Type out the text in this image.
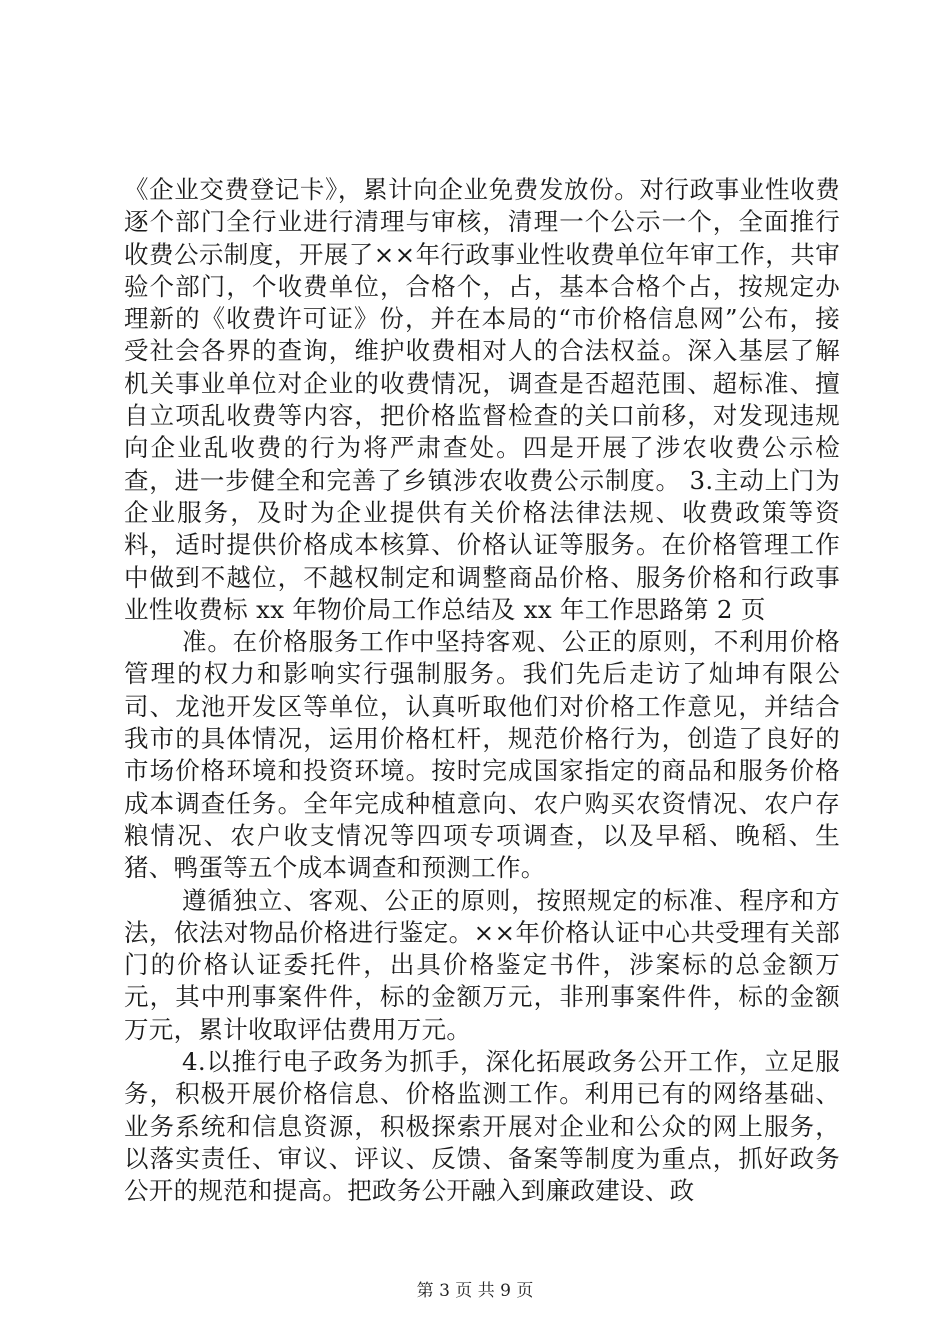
《企业交费登记卡》，累计向企业免费发放份。对行政事业性收费逐个部门全行业进行清理与审核，清理一个公示一个，全面推行收费公示制度，开展了××年行政事业性收费单位年审工作，共审验个部门，个收费单位，合格个，占，基本合格个占，按规定办理新的《收费许可证》份，并在本局的“市价格信息网”公布，接受社会各界的查询，维护收费相对人的合法权益。深入基层了解机关事业单位对企业的收费情况，调查是否超范围、超标准、擅自立项乱收费等内容，把价格监督检查的关口前移，对发现违规向企业乱收费的行为将严肃查处。四是开展了涉农收费公示检查，进一步健全和完善了乡镇涉农收费公示制度。 3.主动上门为企业服务，及时为企业提供有关价格法律法规、收费政策等资料，适时提供价格成本核算、价格认证等服务。在价格管理工作中做到不越位，不越权制定和调整商品价格、服务价格和行政事业性收费标 xx 年物价局工作总结及 xx 年工作思路第 2 页

准。在价格服务工作中坚持客观、公正的原则，不利用价格管理的权力和影响实行强制服务。我们先后走访了灿坤有限公司、龙池开发区等单位，认真听取他们对价格工作意见，并结合我市的具体情况，运用价格杠杆，规范价格行为，创造了良好的市场价格环境和投资环境。按时完成国家指定的商品和服务价格成本调查任务。全年完成种植意向、农户购买农资情况、农户存粮情况、农户收支情况等四项专项调查，以及早稻、晚稻、生猪、鸭蛋等五个成本调查和预测工作。

遵循独立、客观、公正的原则，按照规定的标准、程序和方法，依法对物品价格进行鉴定。××年价格认证中心共受理有关部门的价格认证委托件，出具价格鉴定书件，涉案标的总金额万元，其中刑事案件件，标的金额万元，非刑事案件件，标的金额万元，累计收取评估费用万元。

4.以推行电子政务为抓手，深化拓展政务公开工作，立足服务，积极开展价格信息、价格监测工作。利用已有的网络基础、业务系统和信息资源，积极探索开展对企业和公众的网上服务，以落实责任、审议、评议、反馈、备案等制度为重点，抓好政务公开的规范和提高。把政务公开融入到廉政建设、政

第 3 页 共 9 页
